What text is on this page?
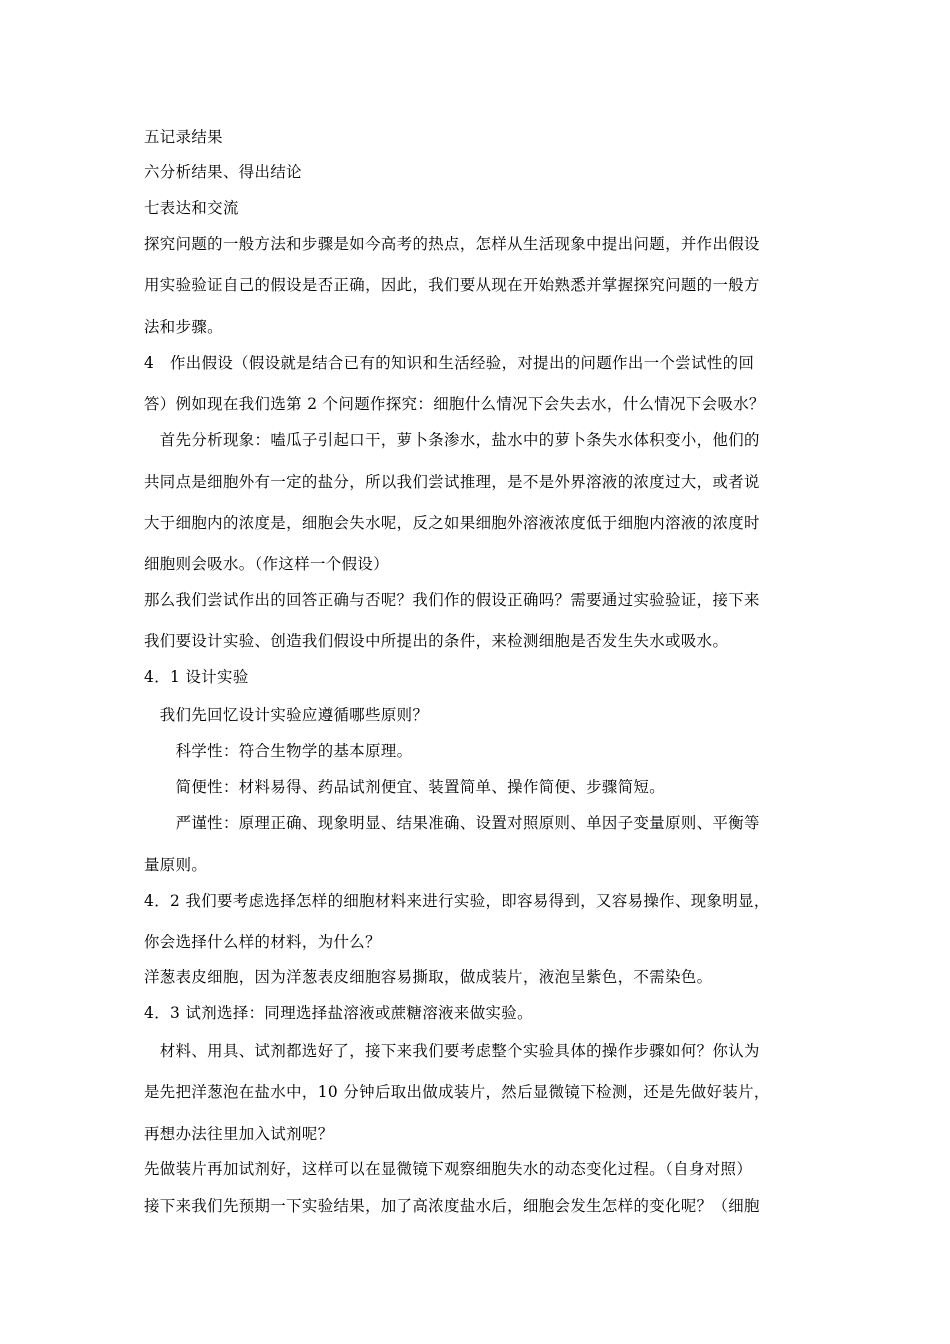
五记录结果
六分析结果、得出结论
七表达和交流
探究问题的一般方法和步骤是如今高考的热点，怎样从生活现象中提出问题，并作出假设
用实验验证自己的假设是否正确，因此，我们要从现在开始熟悉并掌握探究问题的一般方
法和步骤。
4　作出假设（假设就是结合已有的知识和生活经验，对提出的问题作出一个尝试性的回
答）例如现在我们选第 2 个问题作探究：细胞什么情况下会失去水，什么情况下会吸水？
　首先分析现象：嗑瓜子引起口干，萝卜条渗水，盐水中的萝卜条失水体积变小，他们的
共同点是细胞外有一定的盐分，所以我们尝试推理，是不是外界溶液的浓度过大，或者说
大于细胞内的浓度是，细胞会失水呢，反之如果细胞外溶液浓度低于细胞内溶液的浓度时
细胞则会吸水。（作这样一个假设）
那么我们尝试作出的回答正确与否呢？我们作的假设正确吗？需要通过实验验证，接下来
我们要设计实验、创造我们假设中所提出的条件，来检测细胞是否发生失水或吸水。
4．1 设计实验
　我们先回忆设计实验应遵循哪些原则？
　　科学性：符合生物学的基本原理。
　　简便性：材料易得、药品试剂便宜、装置简单、操作简便、步骤简短。
　　严谨性：原理正确、现象明显、结果准确、设置对照原则、单因子变量原则、平衡等
量原则。
4．2 我们要考虑选择怎样的细胞材料来进行实验，即容易得到，又容易操作、现象明显，
你会选择什么样的材料，为什么？
洋葱表皮细胞，因为洋葱表皮细胞容易撕取，做成装片，液泡呈紫色，不需染色。
4．3 试剂选择：同理选择盐溶液或蔗糖溶液来做实验。
　材料、用具、试剂都选好了，接下来我们要考虑整个实验具体的操作步骤如何？你认为
是先把洋葱泡在盐水中，10 分钟后取出做成装片，然后显微镜下检测，还是先做好装片，
再想办法往里加入试剂呢？
先做装片再加试剂好，这样可以在显微镜下观察细胞失水的动态变化过程。（自身对照）
接下来我们先预期一下实验结果，加了高浓度盐水后，细胞会发生怎样的变化呢？（细胞
